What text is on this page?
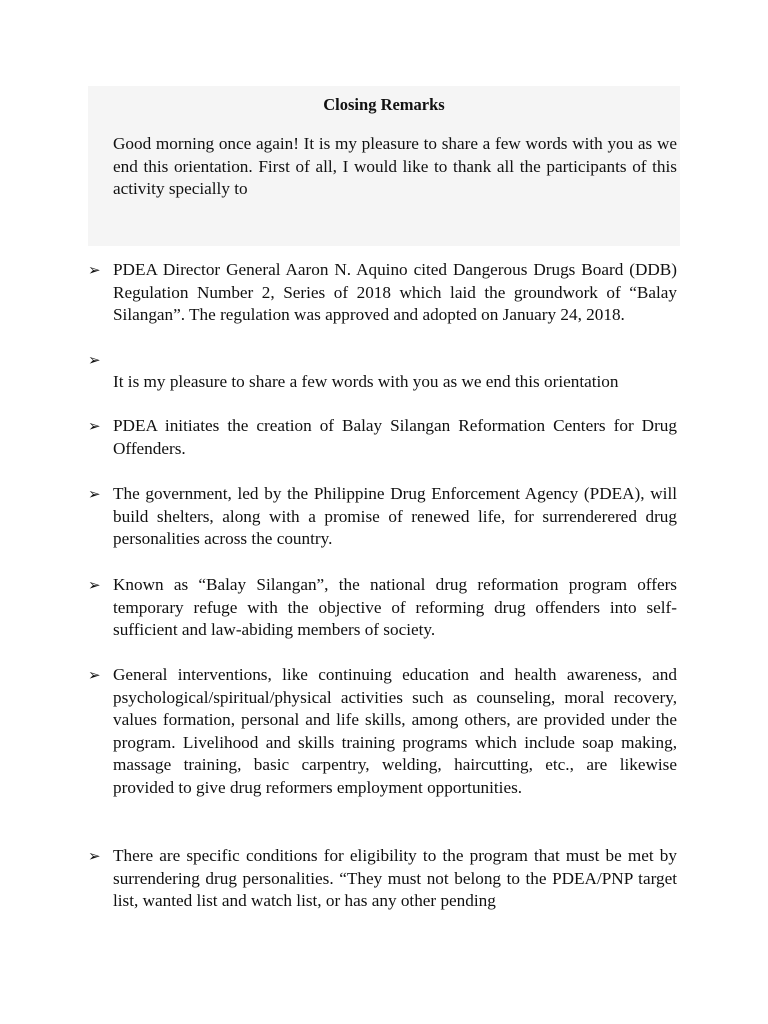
Closing Remarks

Good morning once again! It is my pleasure to share a few words with you as we end this orientation. First of all, I would like to thank all the participants of this activity specially to

➢ PDEA Director General Aaron N. Aquino cited Dangerous Drugs Board (DDB) Regulation Number 2, Series of 2018 which laid the groundwork of “Balay Silangan”. The regulation was approved and adopted on January 24, 2018.

➢

It is my pleasure to share a few words with you as we end this orientation

➢ PDEA initiates the creation of Balay Silangan Reformation Centers for Drug Offenders.

➢ The government, led by the Philippine Drug Enforcement Agency (PDEA), will build shelters, along with a promise of renewed life, for surrenderered drug personalities across the country.

➢ Known as “Balay Silangan”, the national drug reformation program offers temporary refuge with the objective of reforming drug offenders into self-sufficient and law-abiding members of society.

➢ General interventions, like continuing education and health awareness, and psychological/spiritual/physical activities such as counseling, moral recovery, values formation, personal and life skills, among others, are provided under the program. Livelihood and skills training programs which include soap making, massage training, basic carpentry, welding, haircutting, etc., are likewise provided to give drug reformers employment opportunities.

➢ There are specific conditions for eligibility to the program that must be met by surrendering drug personalities. “They must not belong to the PDEA/PNP target list, wanted list and watch list, or has any other pending
